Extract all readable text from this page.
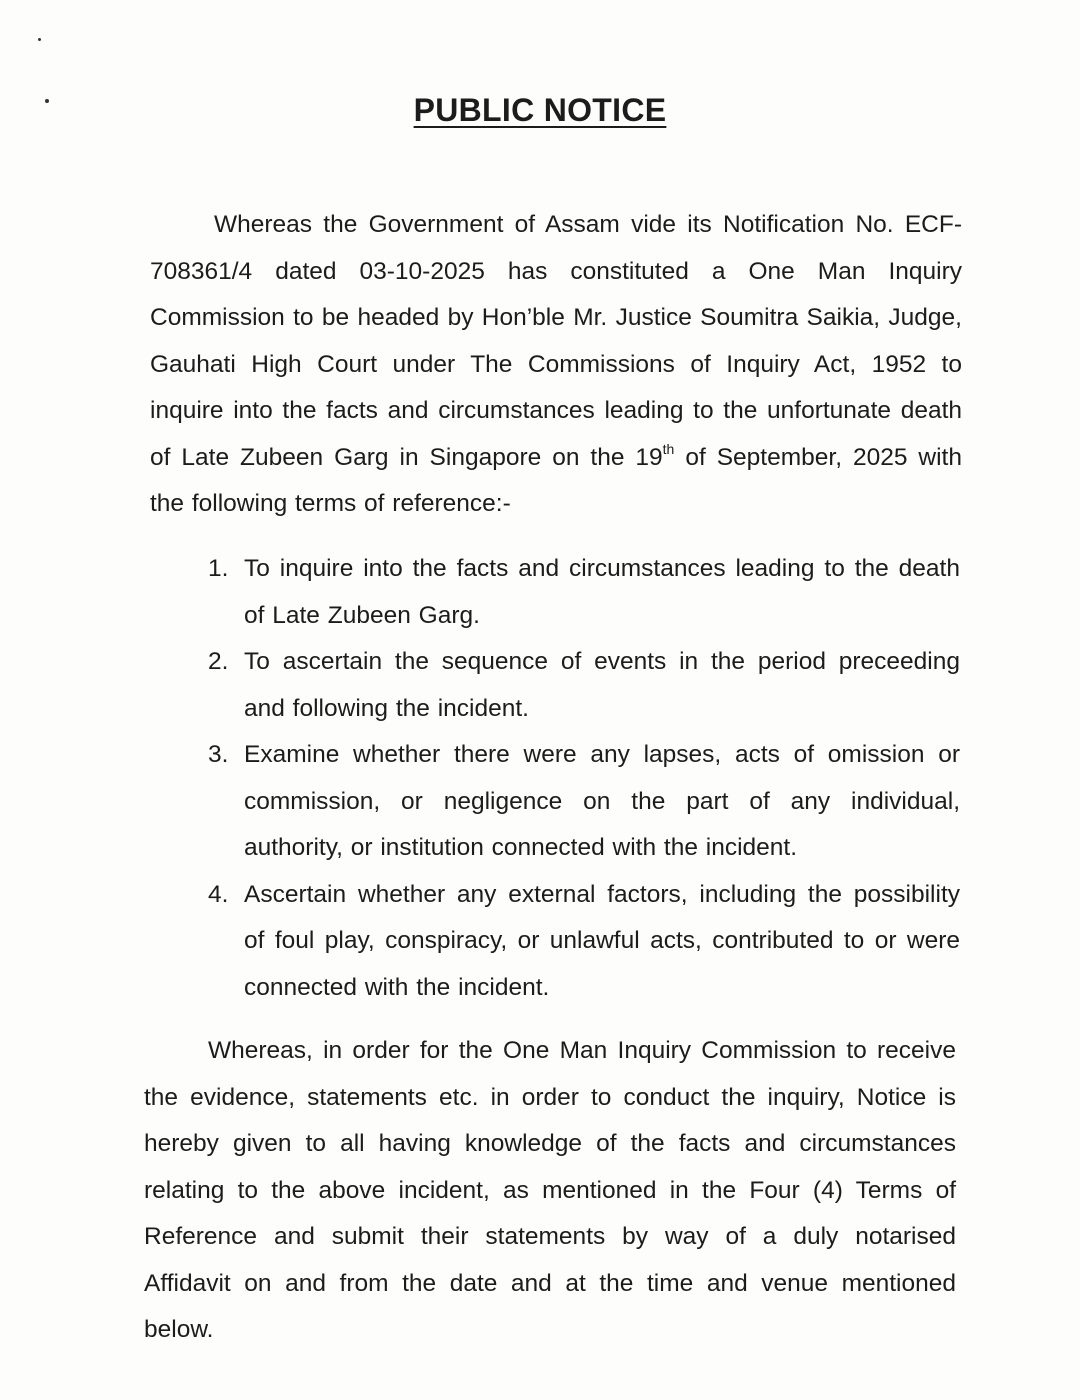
PUBLIC NOTICE
Whereas the Government of Assam vide its Notification No. ECF-708361/4 dated 03-10-2025 has constituted a One Man Inquiry Commission to be headed by Hon’ble Mr. Justice Soumitra Saikia, Judge, Gauhati High Court under The Commissions of Inquiry Act, 1952 to inquire into the facts and circumstances leading to the unfortunate death of Late Zubeen Garg in Singapore on the 19th of September, 2025 with the following terms of reference:-
1. To inquire into the facts and circumstances leading to the death of Late Zubeen Garg.
2. To ascertain the sequence of events in the period preceeding and following the incident.
3. Examine whether there were any lapses, acts of omission or commission, or negligence on the part of any individual, authority, or institution connected with the incident.
4. Ascertain whether any external factors, including the possibility of foul play, conspiracy, or unlawful acts, contributed to or were connected with the incident.
Whereas, in order for the One Man Inquiry Commission to receive the evidence, statements etc. in order to conduct the inquiry, Notice is hereby given to all having knowledge of the facts and circumstances relating to the above incident, as mentioned in the Four (4) Terms of Reference and submit their statements by way of a duly notarised Affidavit on and from the date and at the time and venue mentioned below.
